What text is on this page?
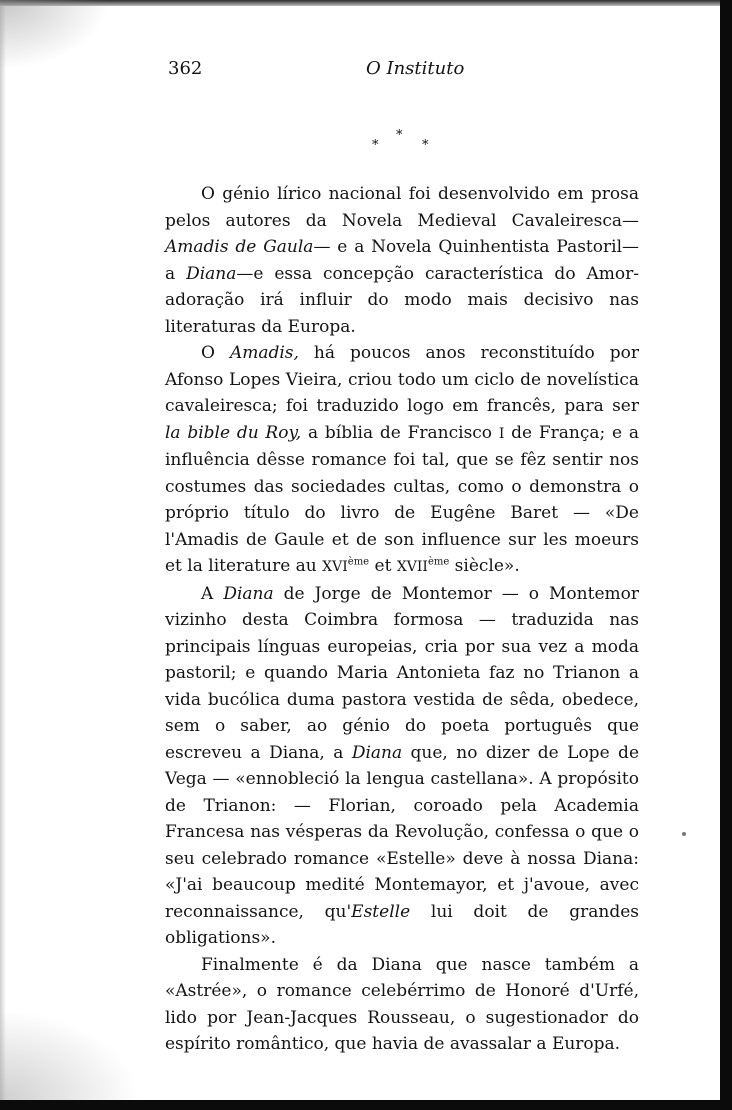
362	O Instituto
*
*	*

O génio lírico nacional foi desenvolvido em prosa pelos autores da Novela Medieval Cavaleiresca—Amadis de Gaula— e a Novela Quinhentista Pastoril—a Diana—e essa concepção característica do Amor-adoração irá influir do modo mais decisivo nas literaturas da Europa.

O Amadis, há poucos anos reconstituído por Afonso Lopes Vieira, criou todo um ciclo de novelística cavaleiresca; foi traduzido logo em francês, para ser la bible du Roy, a bíblia de Francisco I de França; e a influência dêsse romance foi tal, que se fêz sentir nos costumes das sociedades cultas, como o demonstra o próprio título do livro de Eugêne Baret — «De l'Amadis de Gaule et de son influence sur les moeurs et la literature au XVIème et XVIIème siècle».

A Diana de Jorge de Montemor — o Montemor vizinho desta Coimbra formosa — traduzida nas principais línguas europeias, cria por sua vez a moda pastoril; e quando Maria Antonieta faz no Trianon a vida bucólica duma pastora vestida de sêda, obedece, sem o saber, ao génio do poeta português que escreveu a Diana, a Diana que, no dizer de Lope de Vega — «ennobleció la lengua castellana». A propósito de Trianon: — Florian, coroado pela Academia Francesa nas vésperas da Revolução, confessa o que o seu celebrado romance «Estelle» deve à nossa Diana: «J'ai beaucoup medité Montemayor, et j'avoue, avec reconnaissance, qu'Estelle lui doit de grandes obligations».

Finalmente é da Diana que nasce também a «Astrée», o romance celebérrimo de Honoré d'Urfé, lido por Jean-Jacques Rousseau, o sugestionador do espírito romântico, que havia de avassalar a Europa.
